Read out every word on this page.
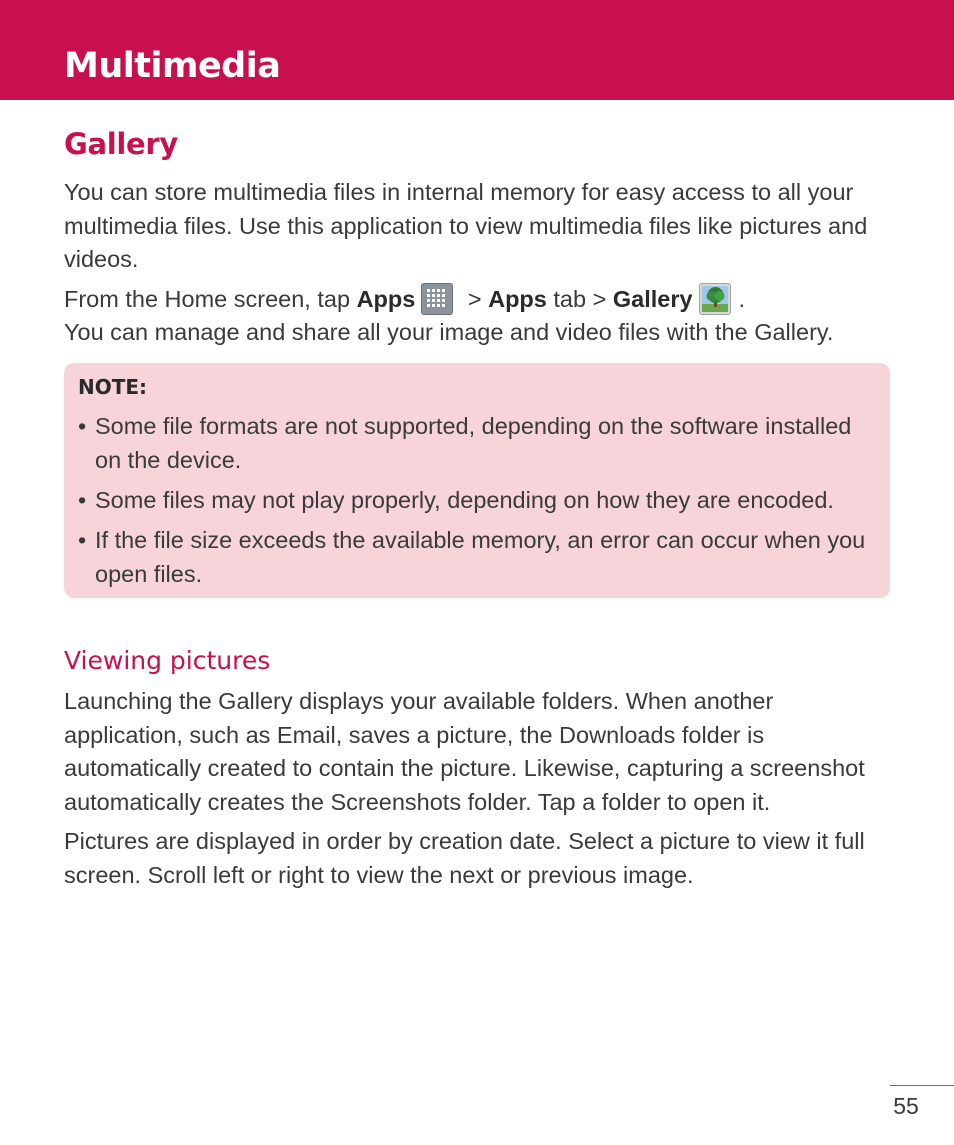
Multimedia
Gallery

You can store multimedia files in internal memory for easy access to all your multimedia files. Use this application to view multimedia files like pictures and videos.

From the Home screen, tap Apps > Apps tab > Gallery .

You can manage and share all your image and video files with the Gallery.

NOTE:

• Some file formats are not supported, depending on the software installed on the device.
• Some files may not play properly, depending on how they are encoded.
• If the file size exceeds the available memory, an error can occur when you open files.
Viewing pictures

Launching the Gallery displays your available folders. When another application, such as Email, saves a picture, the Downloads folder is automatically created to contain the picture. Likewise, capturing a screenshot automatically creates the Screenshots folder. Tap a folder to open it.

Pictures are displayed in order by creation date. Select a picture to view it full screen. Scroll left or right to view the next or previous image.

55
